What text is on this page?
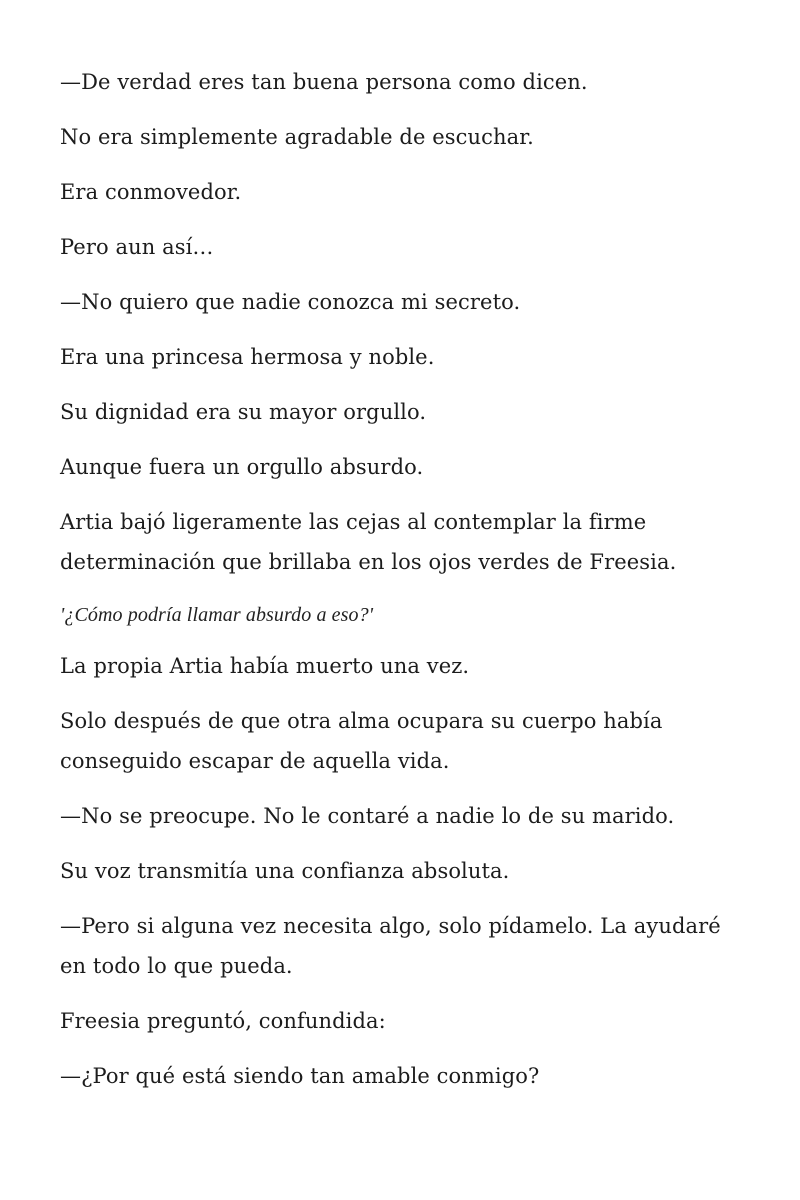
—De verdad eres tan buena persona como dicen.

No era simplemente agradable de escuchar.

Era conmovedor.

Pero aun así…

—No quiero que nadie conozca mi secreto.

Era una princesa hermosa y noble.

Su dignidad era su mayor orgullo.

Aunque fuera un orgullo absurdo.

Artia bajó ligeramente las cejas al contemplar la firme determinación que brillaba en los ojos verdes de Freesia.

'¿Cómo podría llamar absurdo a eso?'

La propia Artia había muerto una vez.

Solo después de que otra alma ocupara su cuerpo había conseguido escapar de aquella vida.

—No se preocupe. No le contaré a nadie lo de su marido.

Su voz transmitía una confianza absoluta.

—Pero si alguna vez necesita algo, solo pídamelo. La ayudaré en todo lo que pueda.

Freesia preguntó, confundida:

—¿Por qué está siendo tan amable conmigo?
